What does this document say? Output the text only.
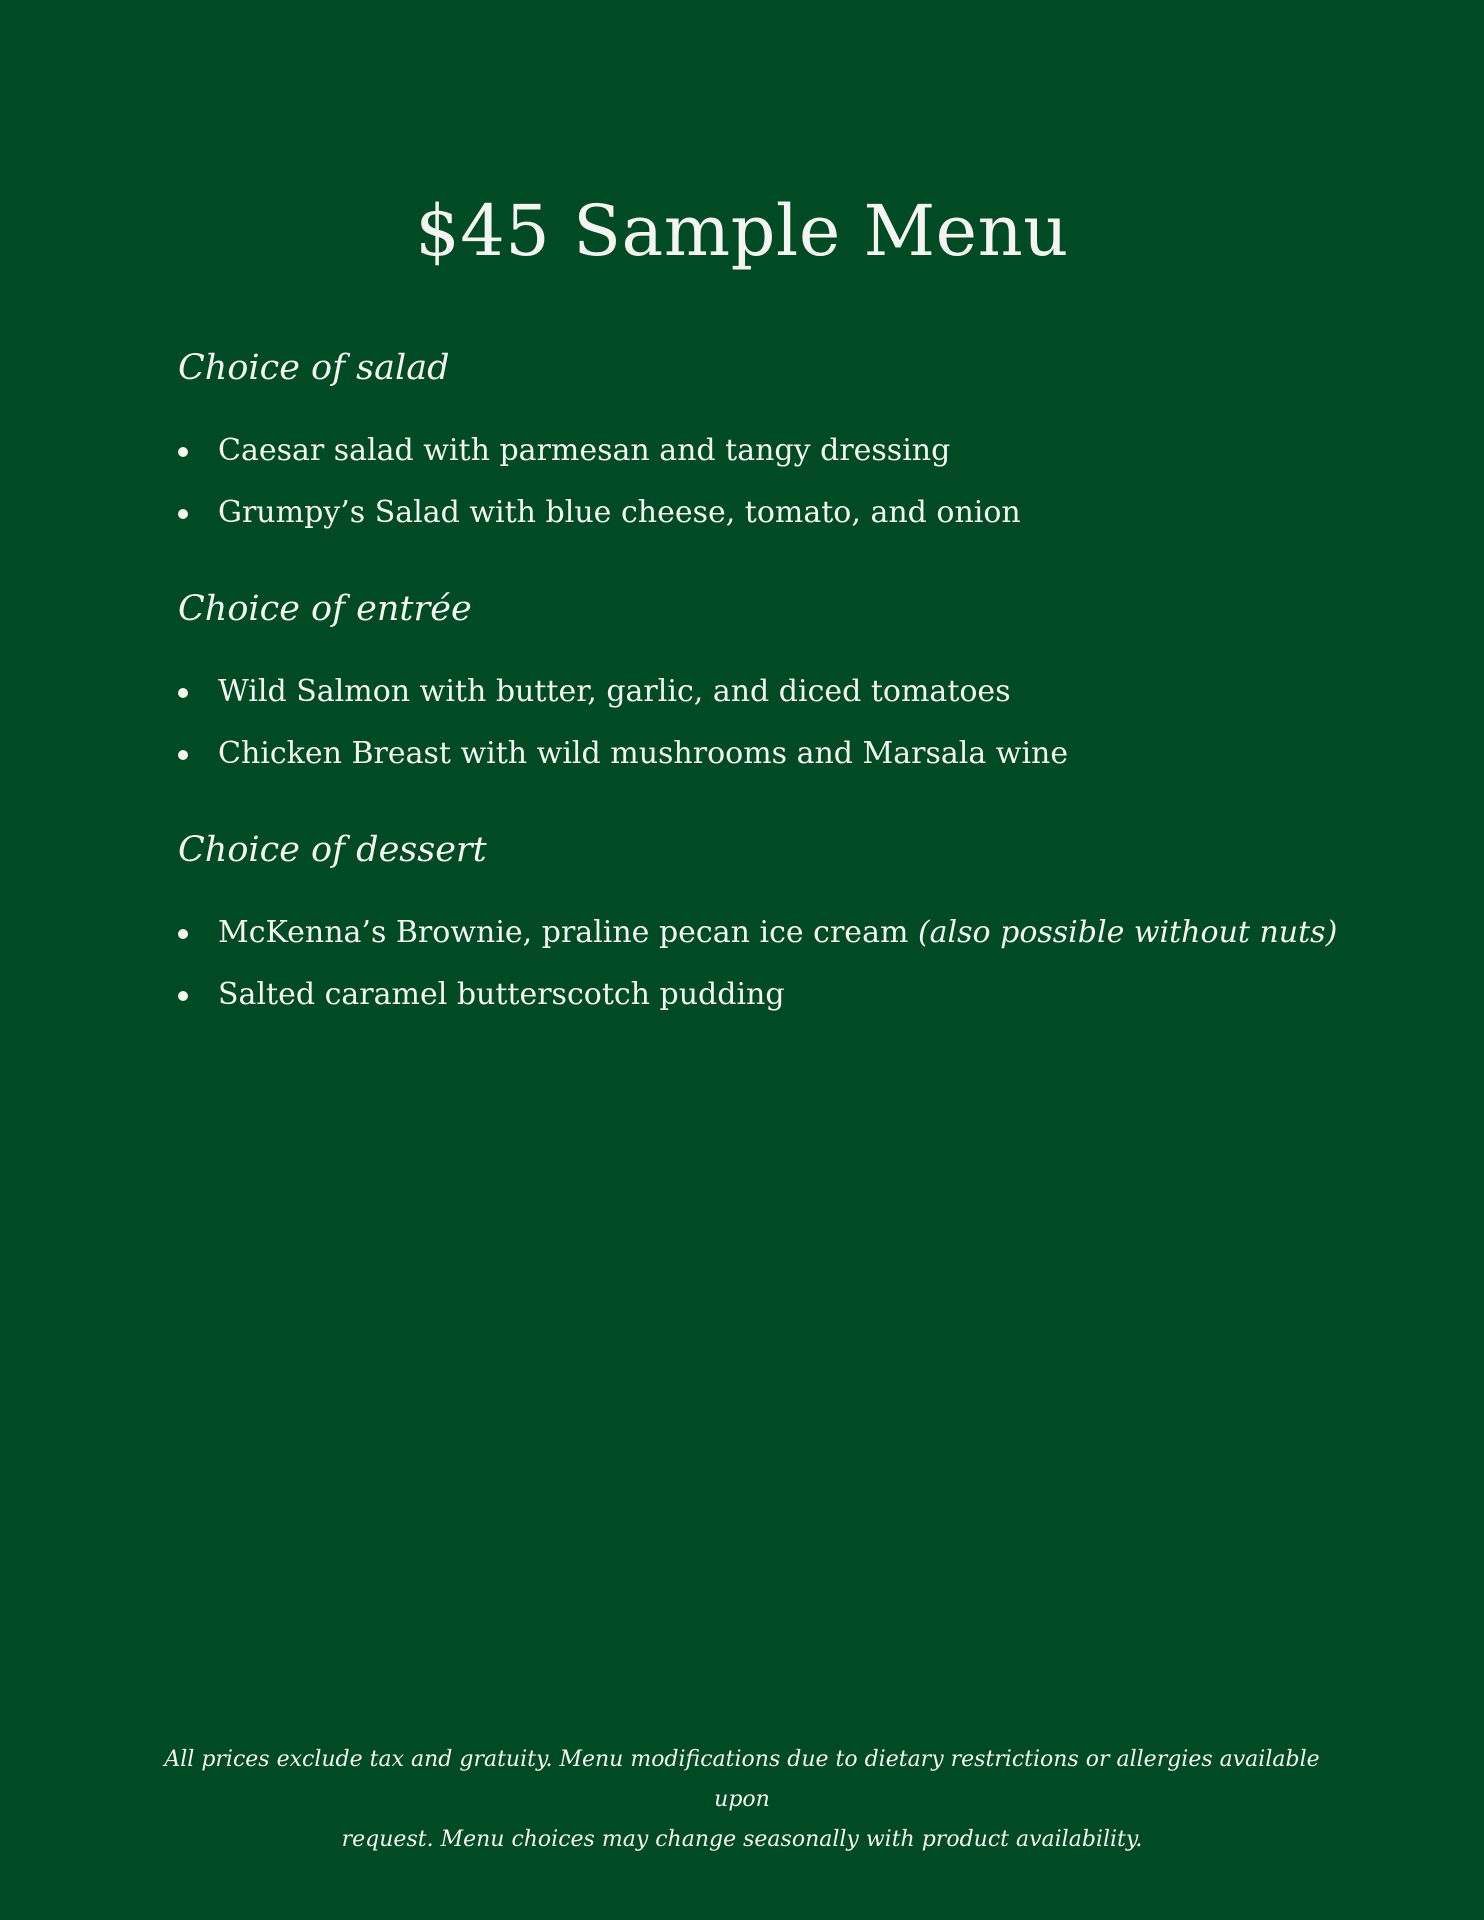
$45 Sample Menu
Choice of salad
Caesar salad with parmesan and tangy dressing
Grumpy’s Salad with blue cheese, tomato, and onion
Choice of entrée
Wild Salmon with butter, garlic, and diced tomatoes
Chicken Breast with wild mushrooms and Marsala wine
Choice of dessert
McKenna’s Brownie, praline pecan ice cream (also possible without nuts)
Salted caramel butterscotch pudding

All prices exclude tax and gratuity. Menu modifications due to dietary restrictions or allergies available upon
request. Menu choices may change seasonally with product availability.
